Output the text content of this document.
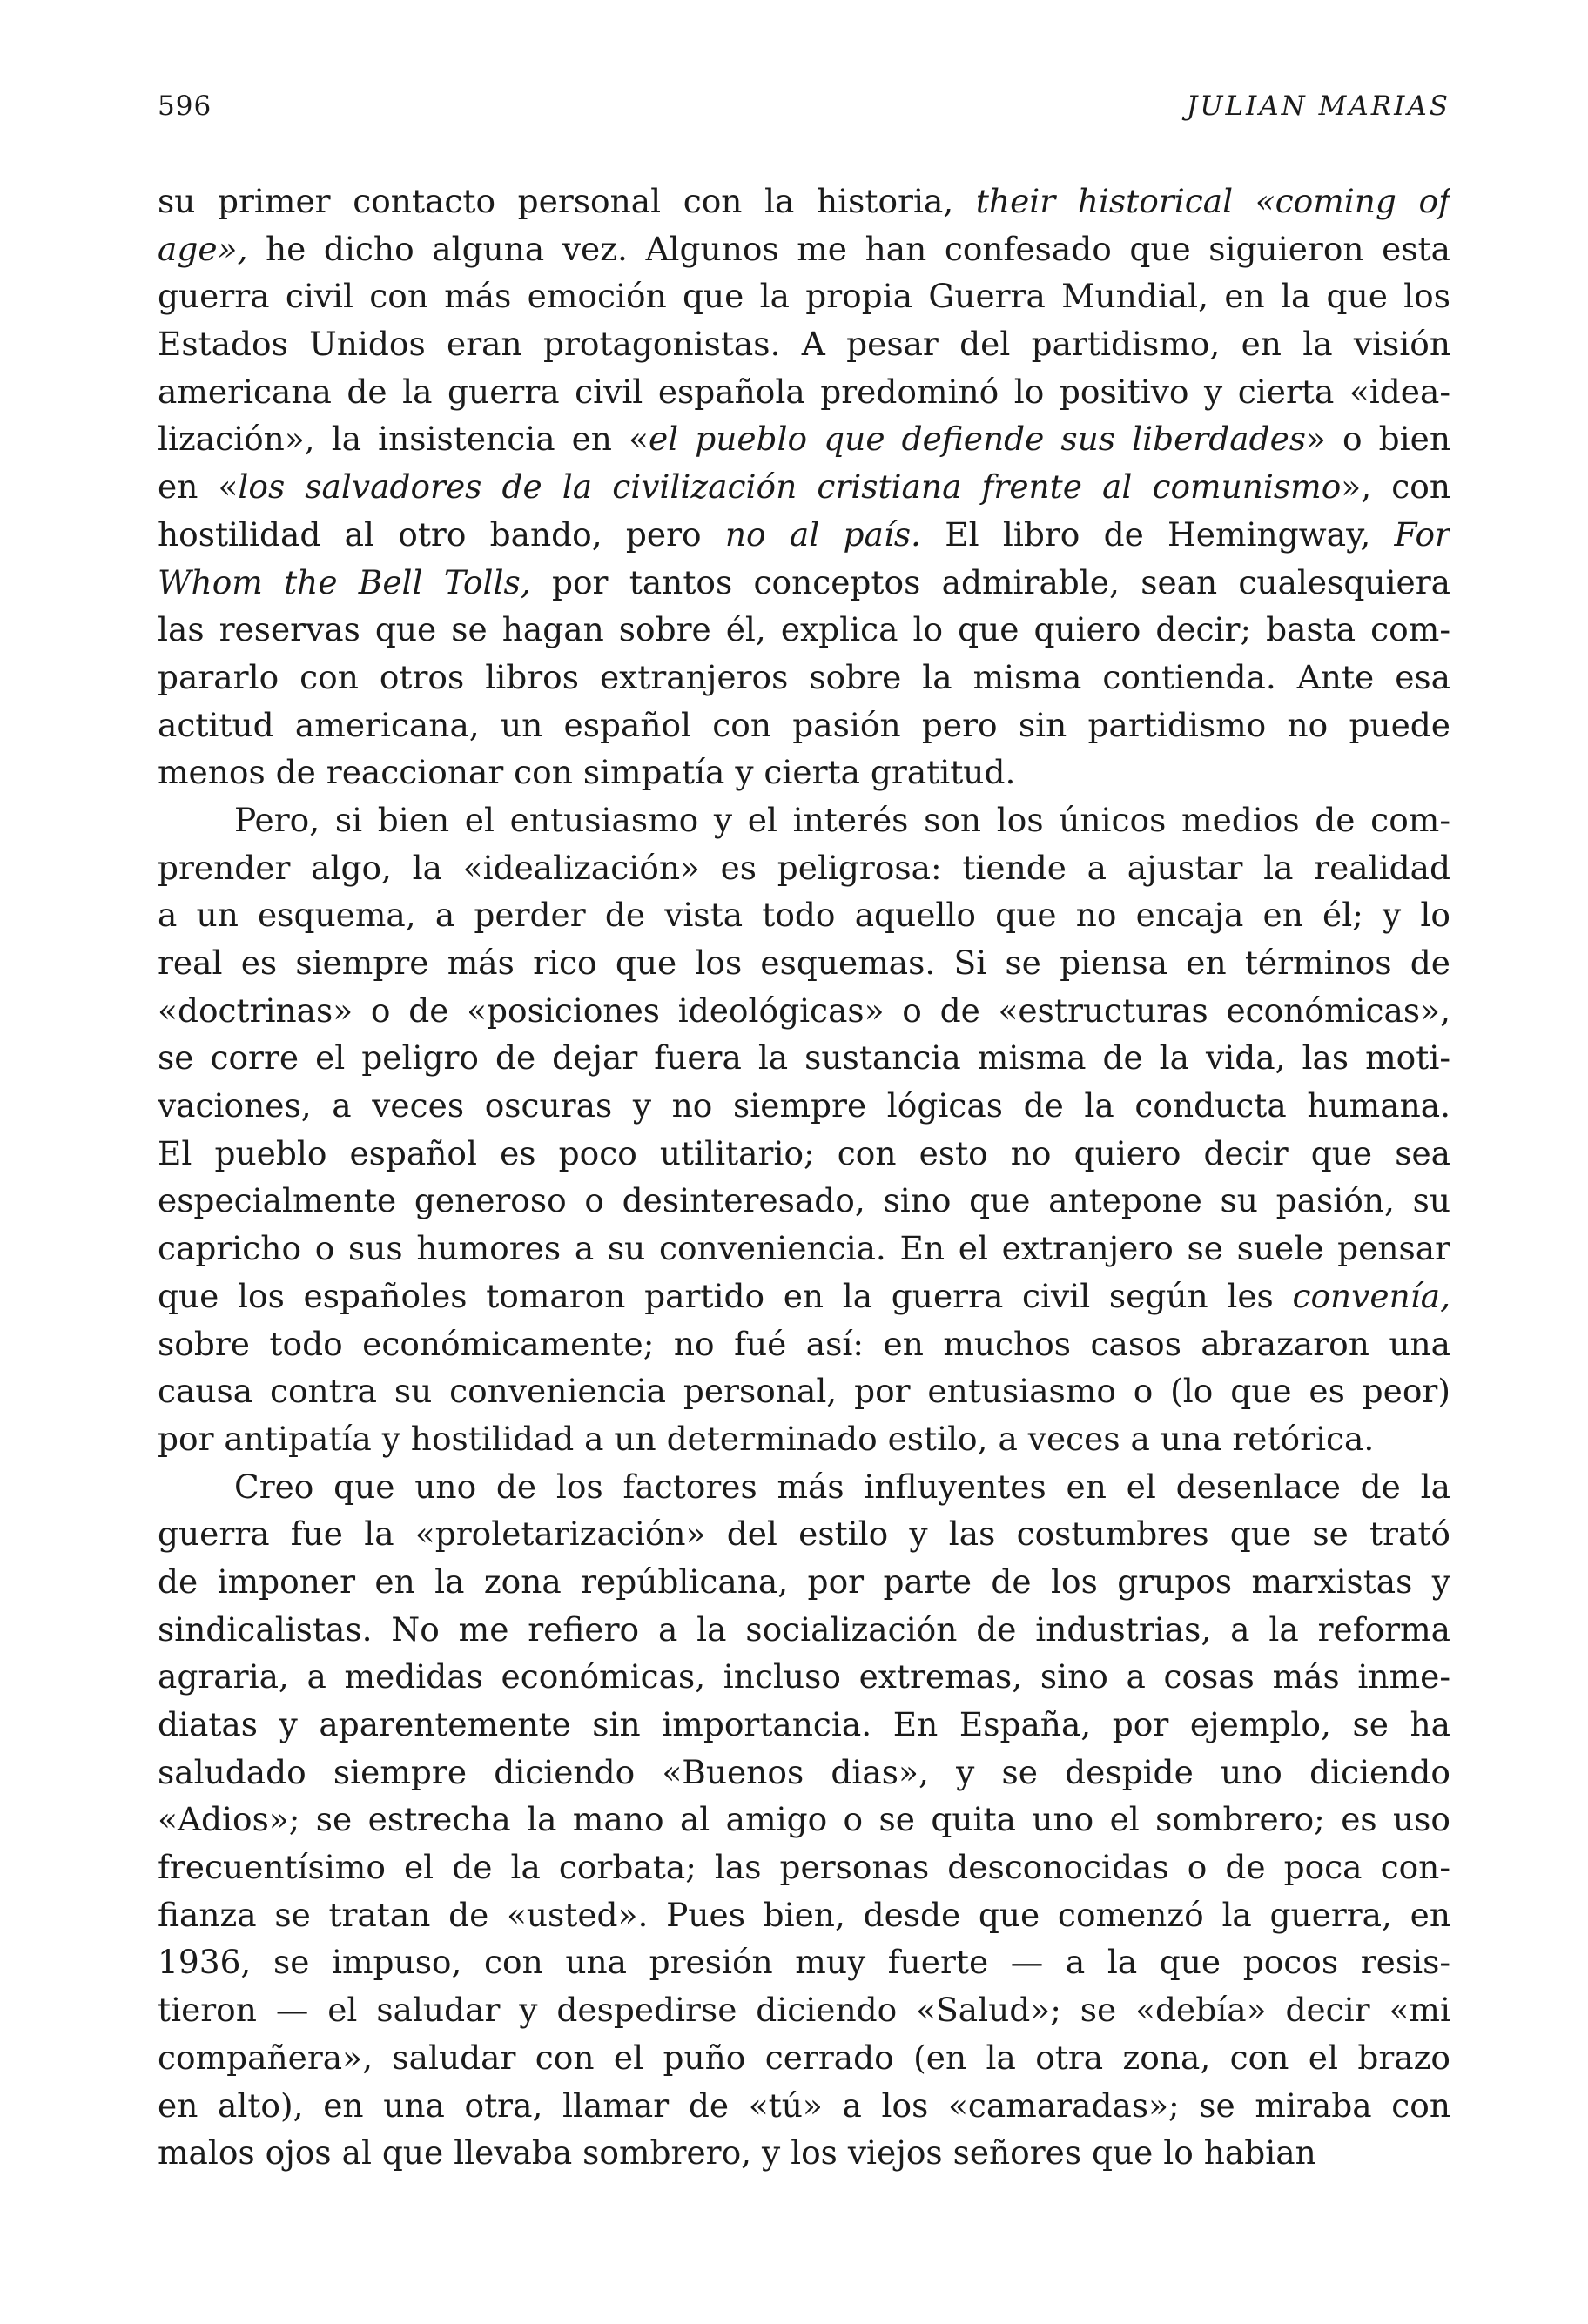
596	JULIAN MARIAS
su primer contacto personal con la historia, their historical «coming of
age», he dicho alguna vez. Algunos me han confesado que siguieron esta
guerra civil con más emoción que la propia Guerra Mundial, en la que los
Estados Unidos eran protagonistas. A pesar del partidismo, en la visión
americana de la guerra civil española predominó lo positivo y cierta «idea-
lización», la insistencia en «el pueblo que defiende sus liberdades» o bien
en «los salvadores de la civilización cristiana frente al comunismo», con
hostilidad al otro bando, pero no al país. El libro de Hemingway, For
Whom the Bell Tolls, por tantos conceptos admirable, sean cualesquiera
las reservas que se hagan sobre él, explica lo que quiero decir; basta com-
pararlo con otros libros extranjeros sobre la misma contienda. Ante esa
actitud americana, un español con pasión pero sin partidismo no puede
menos de reaccionar con simpatía y cierta gratitud.
Pero, si bien el entusiasmo y el interés son los únicos medios de com-
prender algo, la «idealización» es peligrosa: tiende a ajustar la realidad
a un esquema, a perder de vista todo aquello que no encaja en él; y lo
real es siempre más rico que los esquemas. Si se piensa en términos de
«doctrinas» o de «posiciones ideológicas» o de «estructuras económicas»,
se corre el peligro de dejar fuera la sustancia misma de la vida, las moti-
vaciones, a veces oscuras y no siempre lógicas de la conducta humana.
El pueblo español es poco utilitario; con esto no quiero decir que sea
especialmente generoso o desinteresado, sino que antepone su pasión, su
capricho o sus humores a su conveniencia. En el extranjero se suele pensar
que los españoles tomaron partido en la guerra civil según les convenía,
sobre todo económicamente; no fué así: en muchos casos abrazaron una
causa contra su conveniencia personal, por entusiasmo o (lo que es peor)
por antipatía y hostilidad a un determinado estilo, a veces a una retórica.
Creo que uno de los factores más influyentes en el desenlace de la
guerra fue la «proletarización» del estilo y las costumbres que se trató
de imponer en la zona repúblicana, por parte de los grupos marxistas y
sindicalistas. No me refiero a la socialización de industrias, a la reforma
agraria, a medidas económicas, incluso extremas, sino a cosas más inme-
diatas y aparentemente sin importancia. En España, por ejemplo, se ha
saludado siempre diciendo «Buenos dias», y se despide uno diciendo
«Adios»; se estrecha la mano al amigo o se quita uno el sombrero; es uso
frecuentísimo el de la corbata; las personas desconocidas o de poca con-
fianza se tratan de «usted». Pues bien, desde que comenzó la guerra, en
1936, se impuso, con una presión muy fuerte — a la que pocos resis-
tieron — el saludar y despedirse diciendo «Salud»; se «debía» decir «mi
compañera», saludar con el puño cerrado (en la otra zona, con el brazo
en alto), en una otra, llamar de «tú» a los «camaradas»; se miraba con
malos ojos al que llevaba sombrero, y los viejos señores que lo habian
